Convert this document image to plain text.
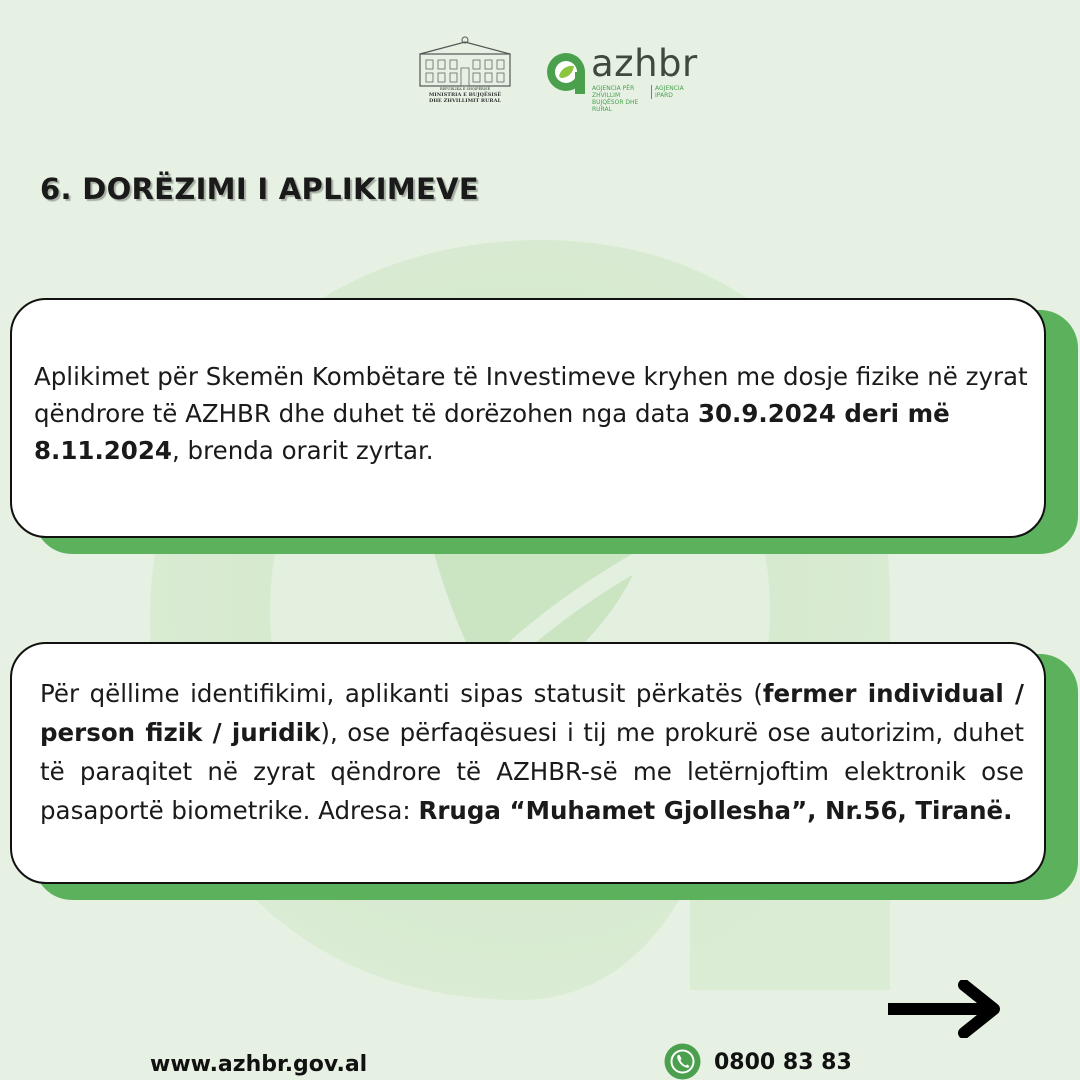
REPUBLIKA E SHQIPËRISË
MINISTRIA E BUJQËSISË
DHE ZHVILLIMIT RURAL
azhbr
AGJENCIA PËR ZHVILLIM
BUJQËSOR DHE RURAL
AGJENCIA
IPARD
6. DORËZIMI I APLIKIMEVE
Aplikimet për Skemën Kombëtare të Investimeve kryhen me dosje fizike në zyrat qëndrore të AZHBR dhe duhet të dorëzohen nga data 30.9.2024 deri më 8.11.2024, brenda orarit zyrtar.
Për qëllime identifikimi, aplikanti sipas statusit përkatës (fermer individual / person fizik / juridik), ose përfaqësuesi i tij me prokurë ose autorizim, duhet të paraqitet në zyrat qëndrore të AZHBR-së me letërnjoftim elektronik ose pasaportë biometrike. Adresa: Rruga “Muhamet Gjollesha”, Nr.56, Tiranë.
www.azhbr.gov.al	0800 83 83
